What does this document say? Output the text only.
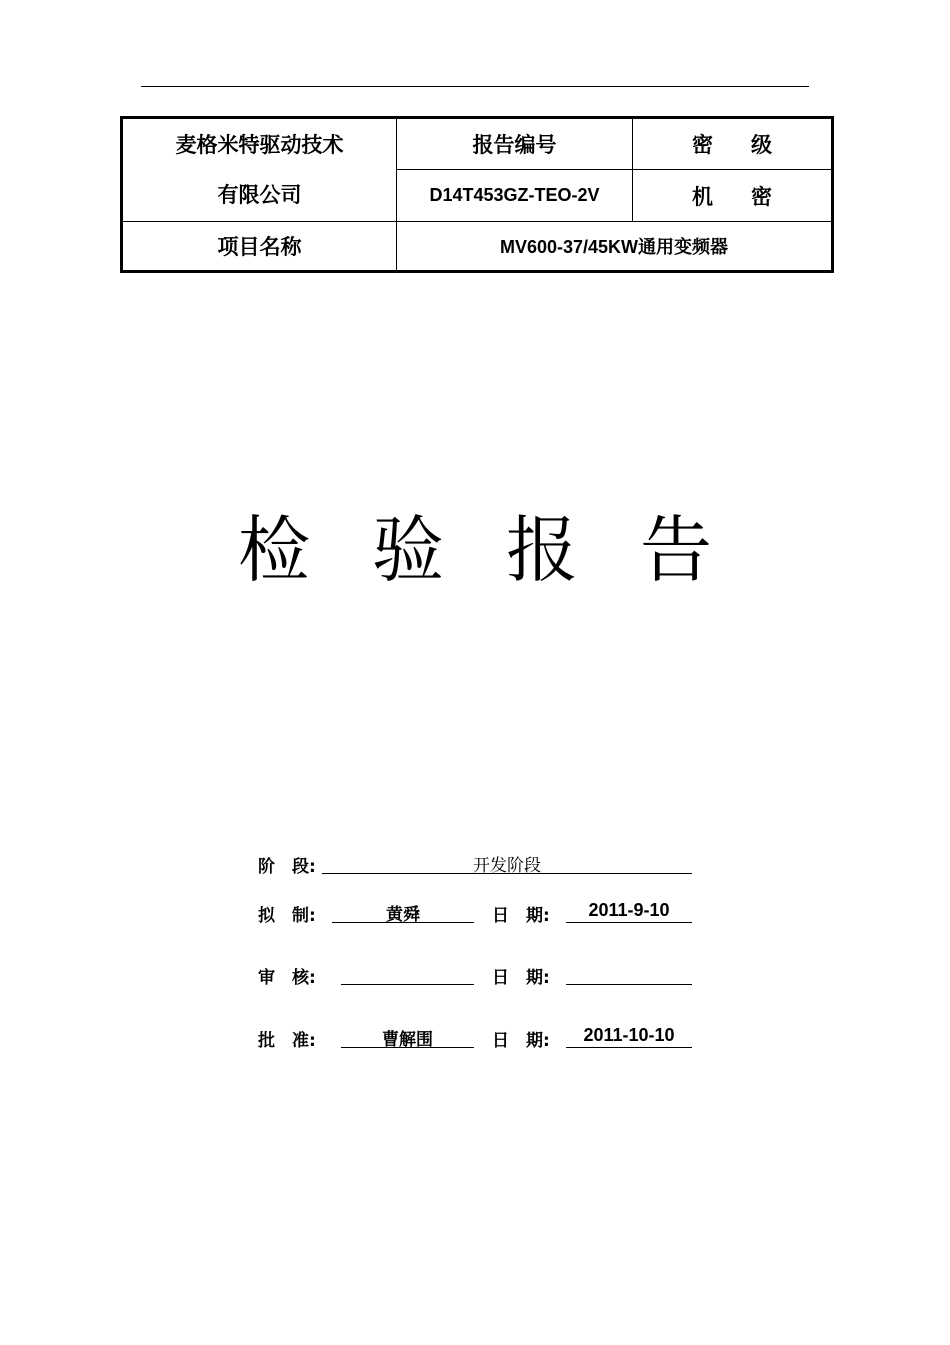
麦格米特驱动技术
有限公司	报告编号	密 级
	D14T453GZ-TEO-2V	机 密
项目名称	MV600-37/45KW通用变频器	
检验报告
阶　段:	开发阶段
拟　制:	黄舜	日　期:	2011-9-10
审　核:	日　期:
批　准:	曹解围	日　期:	2011-10-10
